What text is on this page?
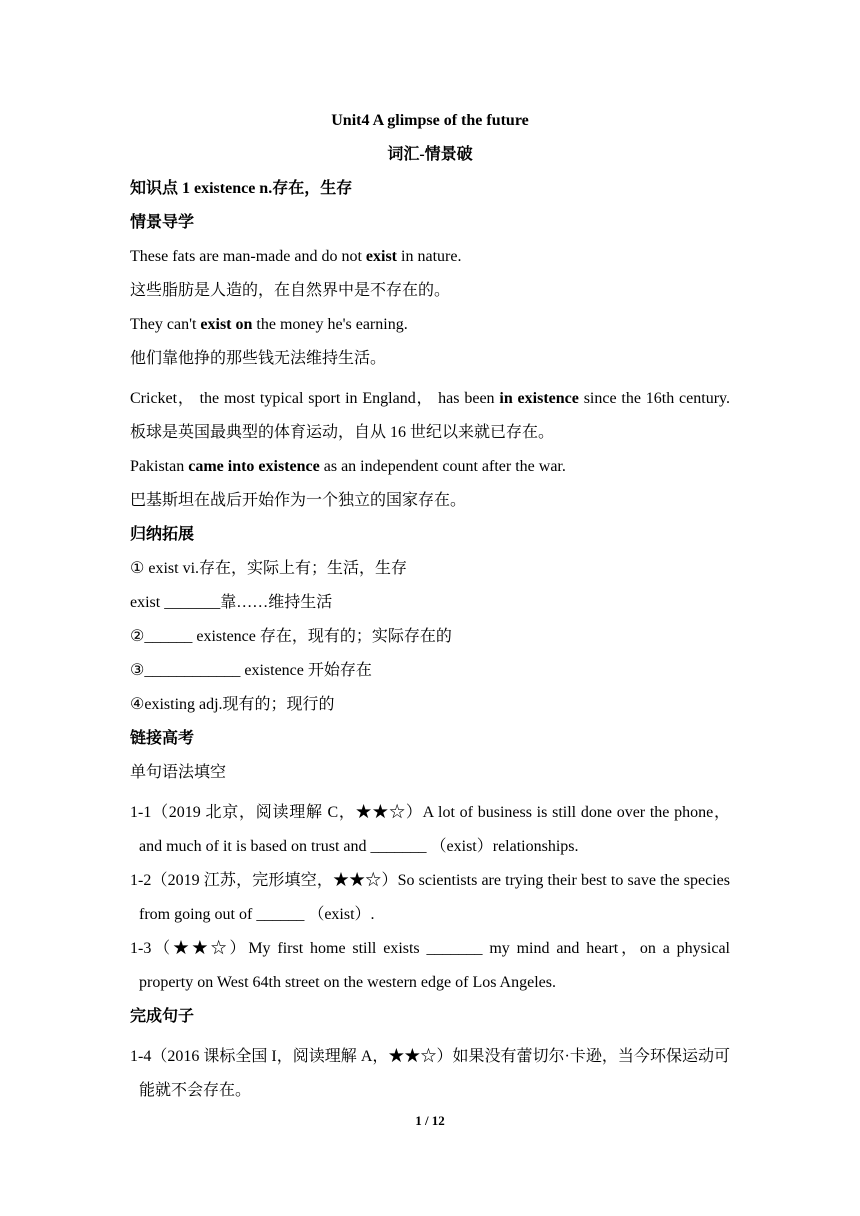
Unit4 A glimpse of the future
词汇-情景破
知识点 1 existence n.存在，生存
情景导学
These fats are man-made and do not exist in nature.
这些脂肪是人造的，在自然界中是不存在的。
They can't exist on the money he's earning.
他们靠他挣的那些钱无法维持生活。
Cricket， the most typical sport in England， has been in existence since the 16th century.板球是英国最典型的体育运动，自从 16 世纪以来就已存在。
Pakistan came into existence as an independent count after the war.
巴基斯坦在战后开始作为一个独立的国家存在。
归纳拓展
① exist vi.存在，实际上有；生活，生存
exist _______靠……维持生活
②______ existence 存在，现有的；实际存在的
③____________ existence 开始存在
④existing adj.现有的；现行的
链接高考
单句语法填空
1-1（2019 北京，阅读理解 C，★★☆）A lot of business is still done over the phone，and much of it is based on trust and _______ （exist）relationships.
1-2（2019 江苏，完形填空，★★☆）So scientists are trying their best to save the species from going out of ______ （exist）.
1-3（★★☆）My first home still exists _______ my mind and heart，on a physical property on West 64th street on the western edge of Los Angeles.
完成句子
1-4（2016 课标全国 I，阅读理解 A，★★☆）如果没有蕾切尔·卡逊，当今环保运动可能就不会存在。
1 / 12
